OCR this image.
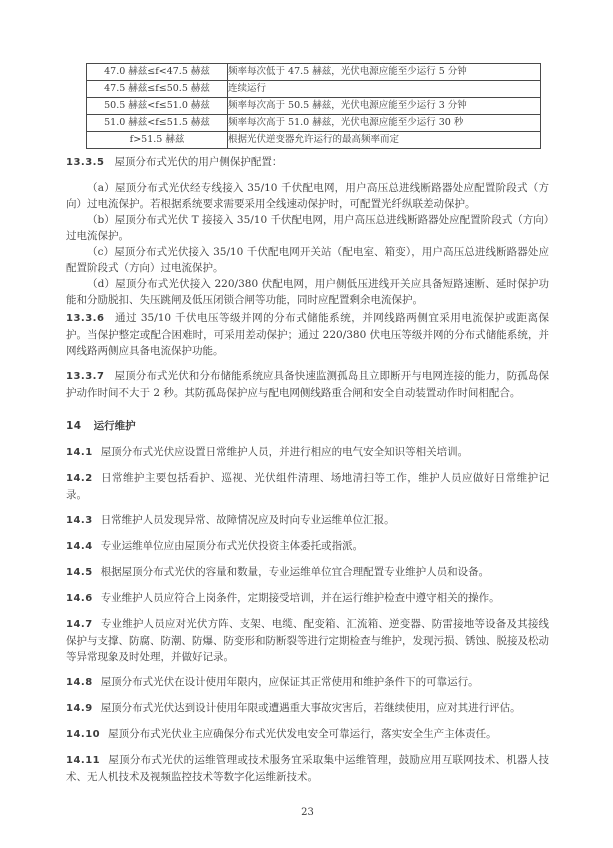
47.0 赫兹≤f<47.5 赫兹	频率每次低于 47.5 赫兹，光伏电源应能至少运行 5 分钟
47.5 赫兹≤f≤50.5 赫兹	连续运行
50.5 赫兹<f≤51.0 赫兹	频率每次高于 50.5 赫兹，光伏电源应能至少运行 3 分钟
51.0 赫兹<f≤51.5 赫兹	频率每次高于 51.0 赫兹，光伏电源应能至少运行 30 秒
f>51.5 赫兹	根据光伏逆变器允许运行的最高频率而定

13.3.5 屋顶分布式光伏的用户侧保护配置：

（a）屋顶分布式光伏经专线接入 35/10 千伏配电网，用户高压总进线断路器处应配置阶段式（方向）过电流保护。若根据系统要求需要采用全线速动保护时，可配置光纤纵联差动保护。

（b）屋顶分布式光伏 T 接接入 35/10 千伏配电网，用户高压总进线断路器处应配置阶段式（方向）过电流保护。

（c）屋顶分布式光伏接入 35/10 千伏配电网开关站（配电室、箱变），用户高压总进线断路器处应配置阶段式（方向）过电流保护。

（d）屋顶分布式光伏接入 220/380 伏配电网，用户侧低压进线开关应具备短路速断、延时保护功能和分励脱扣、失压跳闸及低压闭锁合闸等功能，同时应配置剩余电流保护。

13.3.6 通过 35/10 千伏电压等级并网的分布式储能系统，并网线路两侧宜采用电流保护或距离保护。当保护整定或配合困难时，可采用差动保护；通过 220/380 伏电压等级并网的分布式储能系统，并网线路两侧应具备电流保护功能。

13.3.7 屋顶分布式光伏和分布储能系统应具备快速监测孤岛且立即断开与电网连接的能力，防孤岛保护动作时间不大于 2 秒。其防孤岛保护应与配电网侧线路重合闸和安全自动装置动作时间相配合。

14 运行维护

14.1 屋顶分布式光伏应设置日常维护人员，并进行相应的电气安全知识等相关培训。

14.2 日常维护主要包括看护、巡视、光伏组件清理、场地清扫等工作，维护人员应做好日常维护记录。

14.3 日常维护人员发现异常、故障情况应及时向专业运维单位汇报。

14.4 专业运维单位应由屋顶分布式光伏投资主体委托或指派。

14.5 根据屋顶分布式光伏的容量和数量，专业运维单位宜合理配置专业维护人员和设备。

14.6 专业维护人员应符合上岗条件，定期接受培训，并在运行维护检查中遵守相关的操作。

14.7 专业维护人员应对光伏方阵、支架、电缆、配变箱、汇流箱、逆变器、防雷接地等设备及其接线保护与支撑、防腐、防潮、防爆、防变形和防断裂等进行定期检查与维护，发现污损、锈蚀、脱接及松动等异常现象及时处理，并做好记录。

14.8 屋顶分布式光伏在设计使用年限内，应保证其正常使用和维护条件下的可靠运行。

14.9 屋顶分布式光伏达到设计使用年限或遭遇重大事故灾害后，若继续使用，应对其进行评估。

14.10 屋顶分布式光伏业主应确保分布式光伏发电安全可靠运行，落实安全生产主体责任。

14.11 屋顶分布式光伏的运维管理或技术服务宜采取集中运维管理，鼓励应用互联网技术、机器人技术、无人机技术及视频监控技术等数字化运维新技术。

23
